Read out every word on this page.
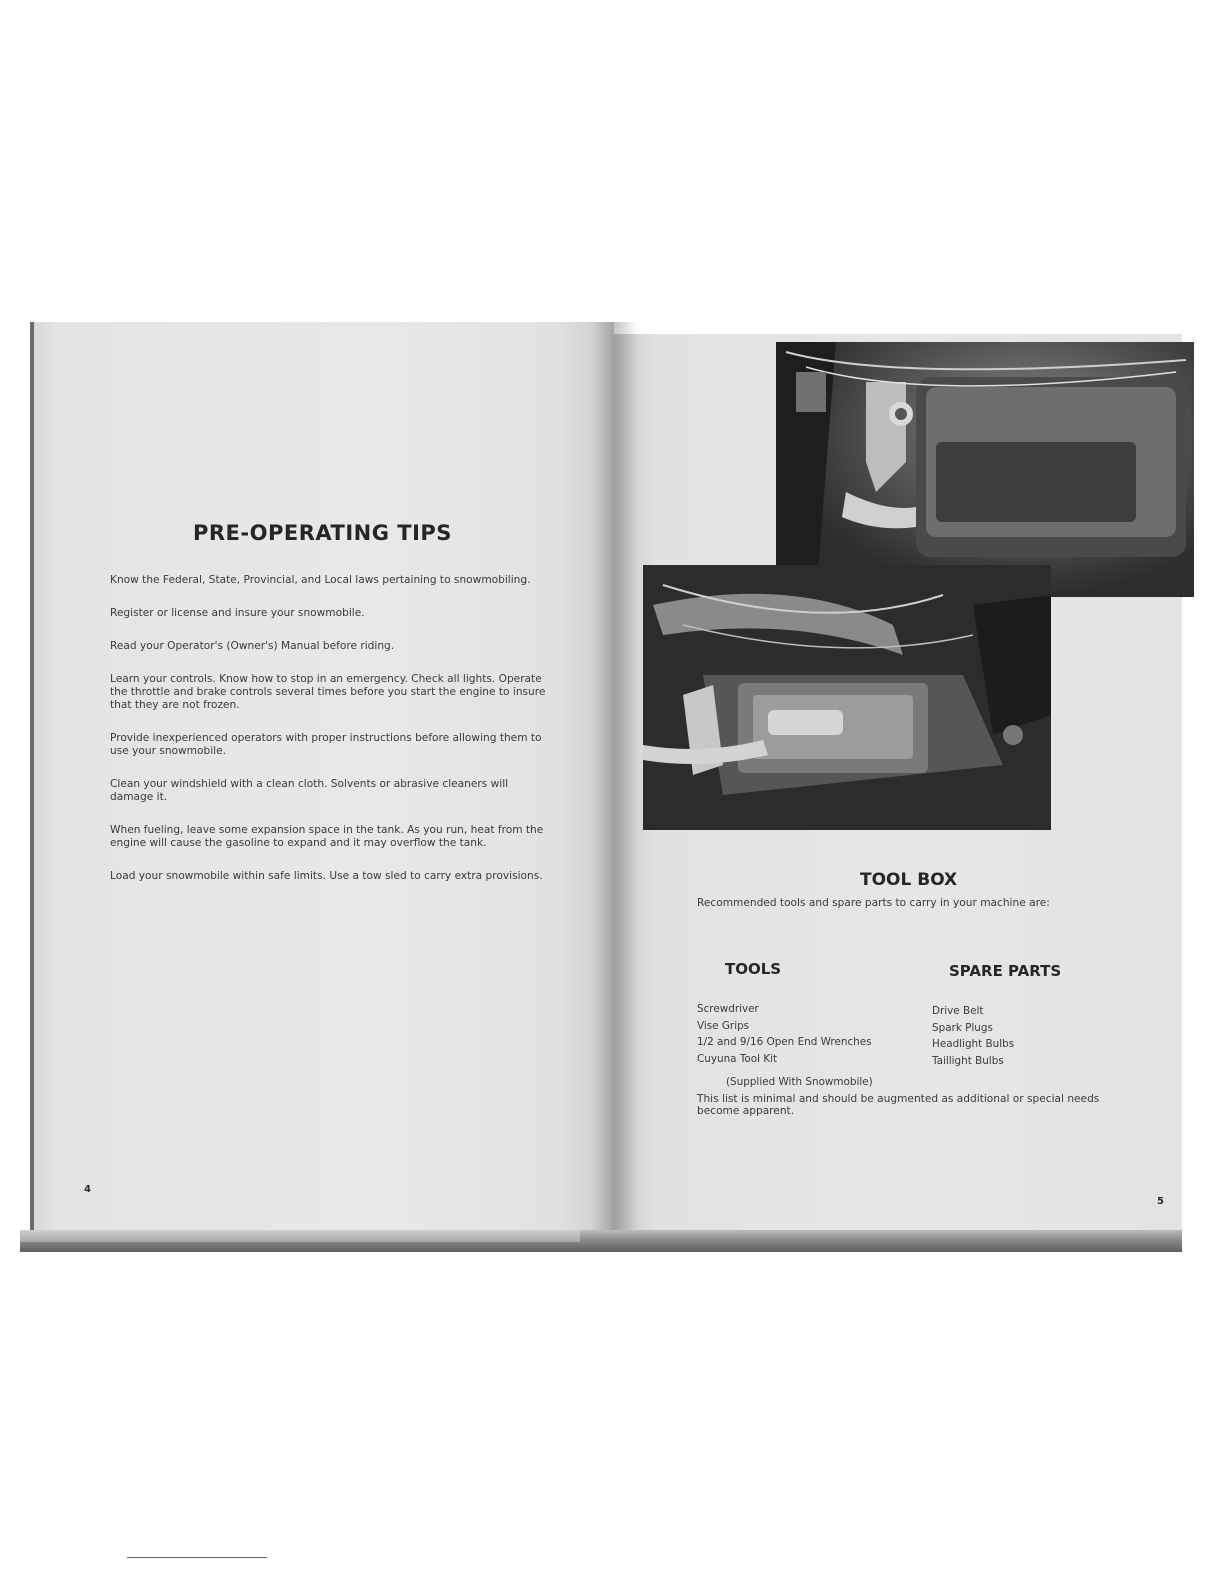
PRE-OPERATING TIPS

Know the Federal, State, Provincial, and Local laws pertaining to snowmobiling.

Register or license and insure your snowmobile.

Read your Operator's (Owner's) Manual before riding.

Learn your controls. Know how to stop in an emergency. Check all lights. Operate the throttle and brake controls several times before you start the engine to insure that they are not frozen.

Provide inexperienced operators with proper instructions before allowing them to use your snowmobile.

Clean your windshield with a clean cloth. Solvents or abrasive cleaners will damage it.

When fueling, leave some expansion space in the tank. As you run, heat from the engine will cause the gasoline to expand and it may overflow the tank.

Load your snowmobile within safe limits. Use a tow sled to carry extra provisions.

4
5
TOOL BOX
Recommended tools and spare parts to carry in your machine are:
TOOLS	SPARE PARTS
Screwdriver
Vise Grips
1/2 and 9/16 Open End Wrenches
Cuyuna Tool Kit
(Supplied With Snowmobile)
Drive Belt
Spark Plugs
Headlight Bulbs
Taillight Bulbs
This list is minimal and should be augmented as additional or special needs become apparent.
